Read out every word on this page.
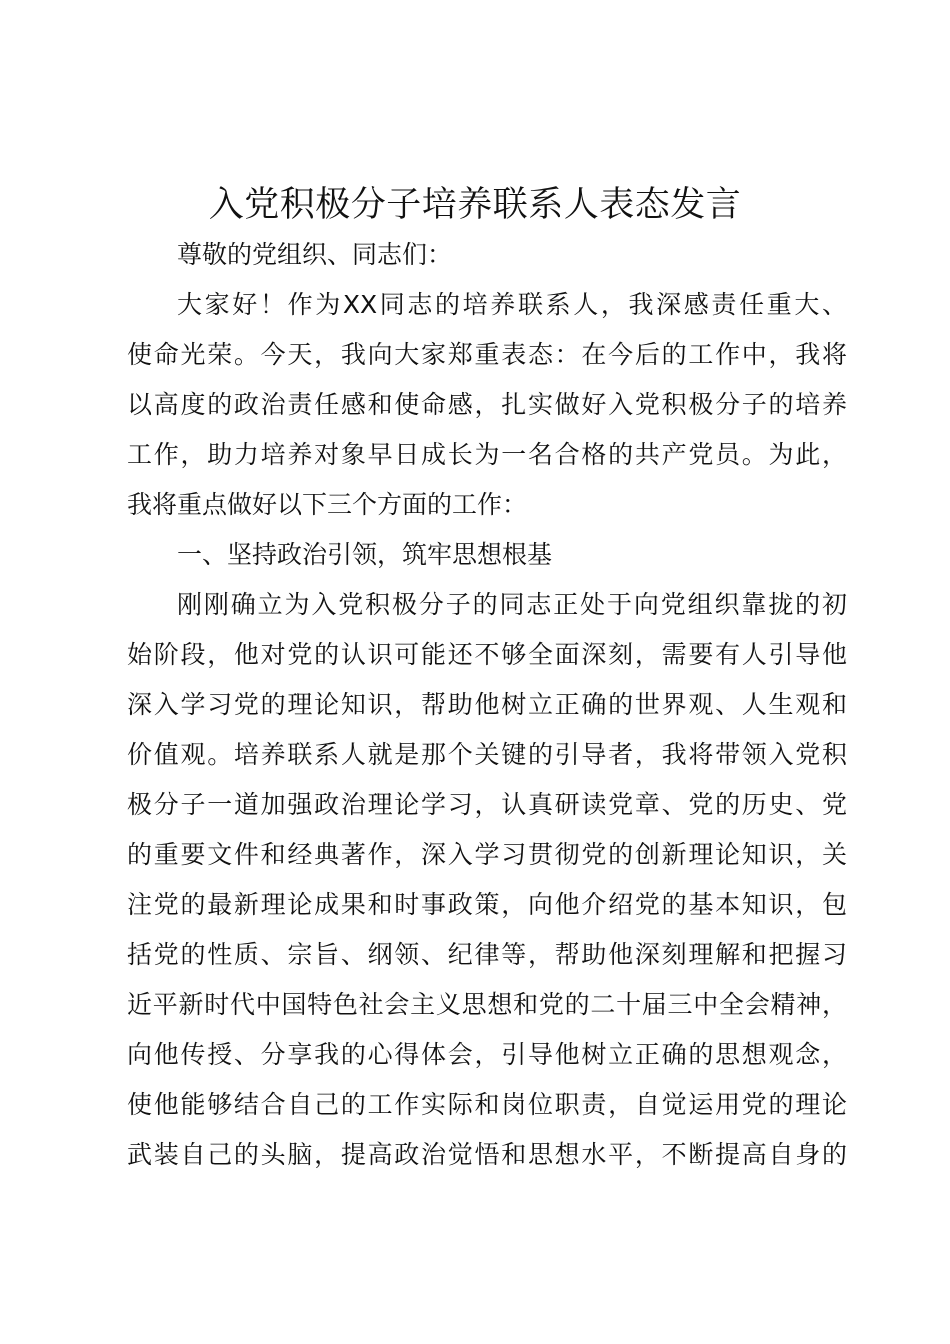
入党积极分子培养联系人表态发言

尊敬的党组织、同志们：

大家好！作为XX同志的培养联系人，我深感责任重大、

使命光荣。今天，我向大家郑重表态：在今后的工作中，我将

以高度的政治责任感和使命感，扎实做好入党积极分子的培养

工作，助力培养对象早日成长为一名合格的共产党员。为此，

我将重点做好以下三个方面的工作：

一、坚持政治引领，筑牢思想根基

刚刚确立为入党积极分子的同志正处于向党组织靠拢的初

始阶段，他对党的认识可能还不够全面深刻，需要有人引导他

深入学习党的理论知识，帮助他树立正确的世界观、人生观和

价值观。培养联系人就是那个关键的引导者，我将带领入党积

极分子一道加强政治理论学习，认真研读党章、党的历史、党

的重要文件和经典著作，深入学习贯彻党的创新理论知识，关

注党的最新理论成果和时事政策，向他介绍党的基本知识，包

括党的性质、宗旨、纲领、纪律等，帮助他深刻理解和把握习

近平新时代中国特色社会主义思想和党的二十届三中全会精神，

向他传授、分享我的心得体会，引导他树立正确的思想观念，

使他能够结合自己的工作实际和岗位职责，自觉运用党的理论

武装自己的头脑，提高政治觉悟和思想水平，不断提高自身的
